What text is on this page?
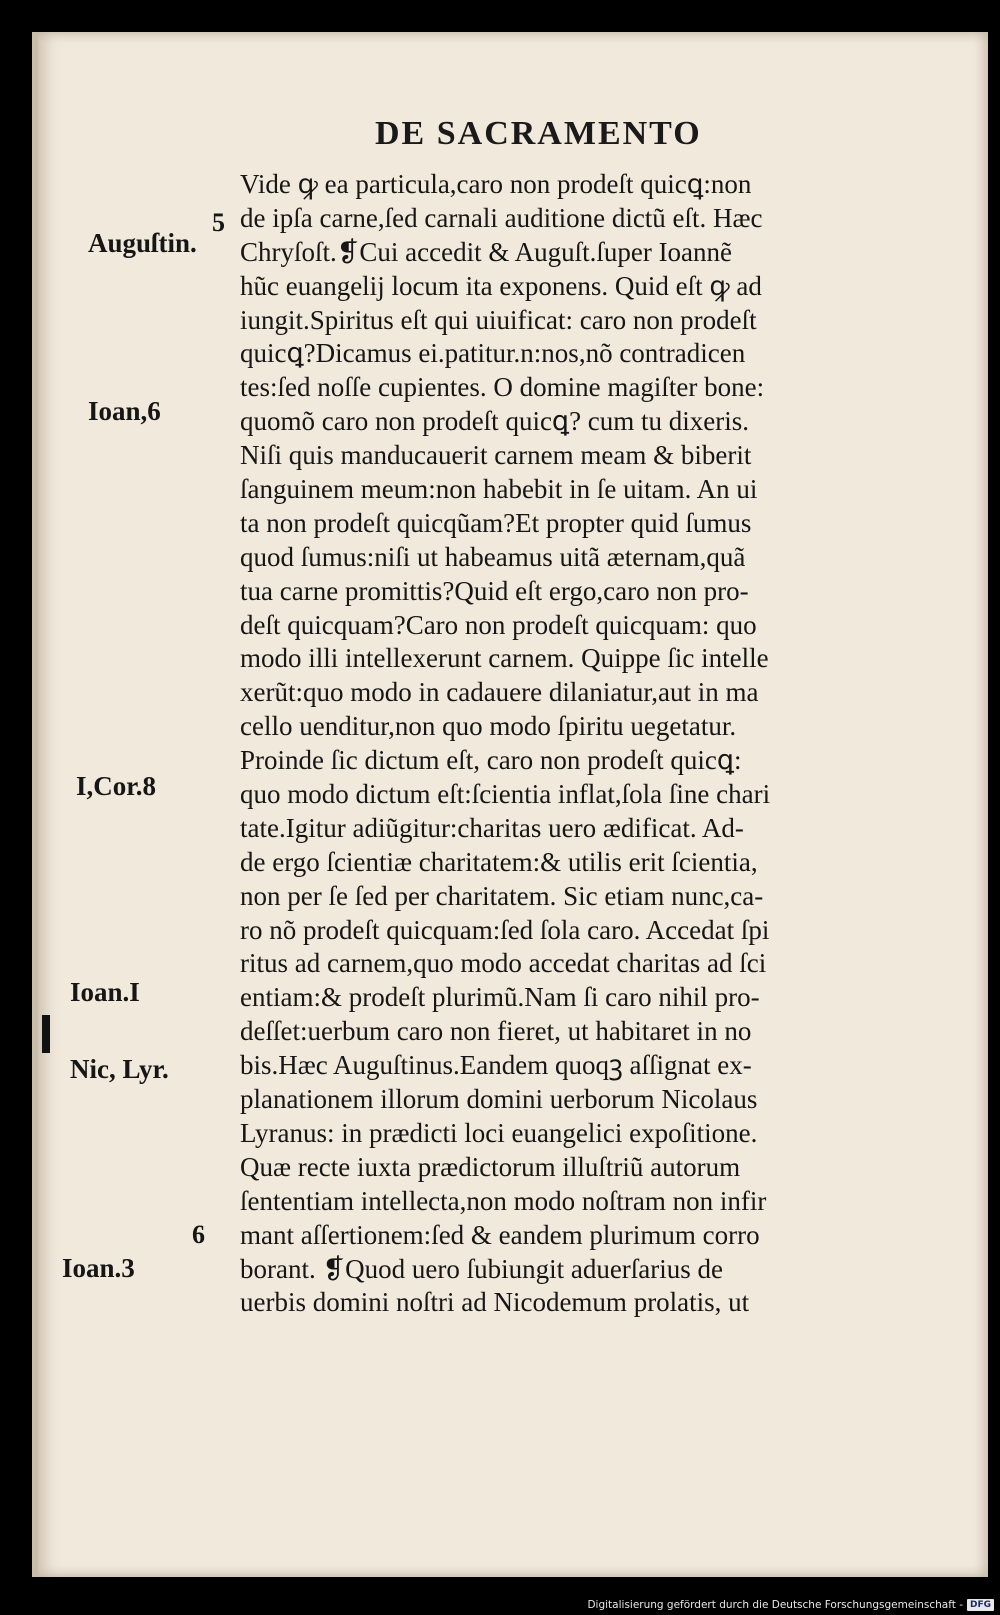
DE SACRAMENTO
Vide ꝙ ea particula,caro non prodeſt quicꝗ:non
de ipſa carne,ſed carnali auditione dictũ eſt. Hæc
Chryſoſt.❡Cui accedit & Auguſt.ſuper Ioannẽ
hũc euangelij locum ita exponens. Quid eſt ꝙ ad
iungit.Spiritus eſt qui uiuificat: caro non prodeſt
quicꝗ?Dicamus ei.patitur.n:nos,nõ contradicen
tes:ſed noſſe cupientes. O domine magiſter bone:
quomõ caro non prodeſt quicꝗ? cum tu dixeris.
Niſi quis manducauerit carnem meam & biberit
ſanguinem meum:non habebit in ſe uitam. An ui
ta non prodeſt quicqũam?Et propter quid ſumus
quod ſumus:niſi ut habeamus uitã æternam,quã
tua carne promittis?Quid eſt ergo,caro non pro-
deſt quicquam?Caro non prodeſt quicquam: quo
modo illi intellexerunt carnem. Quippe ſic intelle
xerũt:quo modo in cadauere dilaniatur,aut in ma
cello uenditur,non quo modo ſpiritu uegetatur.
Proinde ſic dictum eſt, caro non prodeſt quicꝗ:
quo modo dictum eſt:ſcientia inflat,ſola ſine chari
tate.Igitur adiũgitur:charitas uero ædificat. Ad-
de ergo ſcientiæ charitatem:& utilis erit ſcientia,
non per ſe ſed per charitatem. Sic etiam nunc,ca-
ro nõ prodeſt quicquam:ſed ſola caro. Accedat ſpi
ritus ad carnem,quo modo accedat charitas ad ſci
entiam:& prodeſt plurimũ.Nam ſi caro nihil pro-
deſſet:uerbum caro non fieret, ut habitaret in no
bis.Hæc Auguſtinus.Eandem quoqꝫ aſſignat ex-
planationem illorum domini uerborum Nicolaus
Lyranus: in prædicti loci euangelici expoſitione.
Quæ recte iuxta prædictorum illuſtriũ autorum
ſententiam intellecta,non modo noſtram non infir
mant aſſertionem:ſed & eandem plurimum corro
borant. ❡Quod uero ſubiungit aduerſarius de
uerbis domini noſtri ad Nicodemum prolatis, ut
Auguſtin.
Ioan,6
I,Cor.8
Ioan.I
Nic, Lyr.
Ioan.3
5
6
Digitalisierung gefördert durch die Deutsche Forschungsgemeinschaft - DFG
